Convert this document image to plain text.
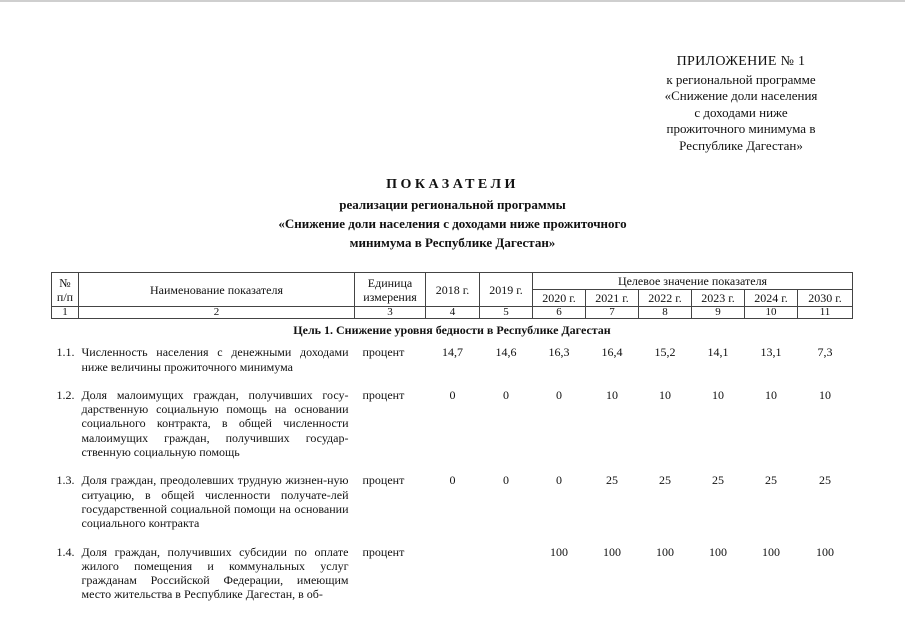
ПРИЛОЖЕНИЕ № 1
к региональной программе
«Снижение доли населения
с доходами ниже
прожиточного минимума в
Республике Дагестан»
ПОКАЗАТЕЛИ
реализации региональной программы
«Снижение доли населения с доходами ниже прожиточного
минимума в Республике Дагестан»
№ п/п	Наименование показателя	Единица измерения	2018 г.	2019 г.	Целевое значение показателя					
					2020 г.	2021 г.	2022 г.	2023 г.	2024 г.	2030 г.
1	2	3	4	5	6	7	8	9	10	11
Цель 1. Снижение уровня бедности в Республике Дагестан										
1.1.	Численность населения с денежными доходами ниже величины прожиточного минимума	процент	14,7	14,6	16,3	16,4	15,2	14,1	13,1	7,3
1.2.	Доля малоимущих граждан, получивших госу-дарственную социальную помощь на основании социального контракта, в общей численности малоимущих граждан, получивших государ-ственную социальную помощь	процент	0	0	0	10	10	10	10	10
1.3.	Доля граждан, преодолевших трудную жизнен-ную ситуацию, в общей численности получате-лей государственной социальной помощи на основании социального контракта	процент	0	0	0	25	25	25	25	25
1.4.	Доля граждан, получивших субсидии по оплате жилого помещения и коммунальных услуг гражданам Российской Федерации, имеющим место жительства в Республике Дагестан, в об-	процент			100	100	100	100	100	100
